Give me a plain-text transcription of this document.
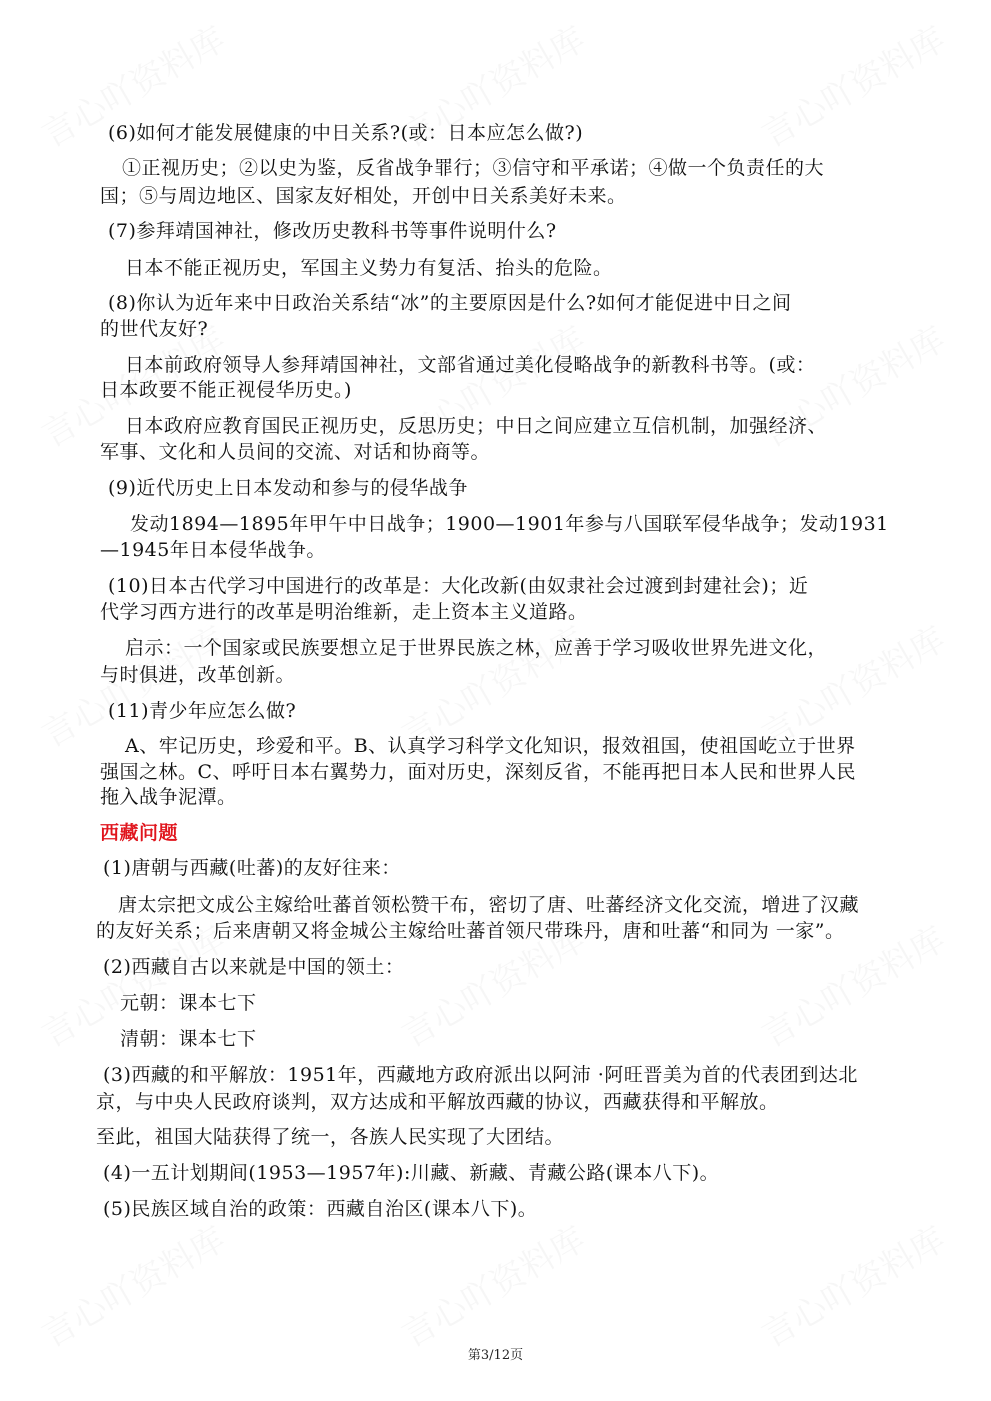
(6)如何才能发展健康的中日关系?(或：日本应怎么做?)
①正视历史；②以史为鉴，反省战争罪行；③信守和平承诺；④做一个负责任的大
国；⑤与周边地区、国家友好相处，开创中日关系美好未来。
(7)参拜靖国神社，修改历史教科书等事件说明什么?
日本不能正视历史，军国主义势力有复活、抬头的危险。
(8)你认为近年来中日政治关系结“冰”的主要原因是什么?如何才能促进中日之间
的世代友好?
日本前政府领导人参拜靖国神社，文部省通过美化侵略战争的新教科书等。(或：
日本政要不能正视侵华历史。)
日本政府应教育国民正视历史，反思历史；中日之间应建立互信机制，加强经济、
军事、文化和人员间的交流、对话和协商等。
(9)近代历史上日本发动和参与的侵华战争
发动1894—1895年甲午中日战争；1900—1901年参与八国联军侵华战争；发动1931
—1945年日本侵华战争。
(10)日本古代学习中国进行的改革是：大化改新(由奴隶社会过渡到封建社会)；近
代学习西方进行的改革是明治维新，走上资本主义道路。
启示：一个国家或民族要想立足于世界民族之林，应善于学习吸收世界先进文化，
与时俱进，改革创新。
(11)青少年应怎么做?
A、牢记历史，珍爱和平。B、认真学习科学文化知识，报效祖国，使祖国屹立于世界
强国之林。C、呼吁日本右翼势力，面对历史，深刻反省，不能再把日本人民和世界人民
拖入战争泥潭。
西藏问题
(1)唐朝与西藏(吐蕃)的友好往来：
唐太宗把文成公主嫁给吐蕃首领松赞干布，密切了唐、吐蕃经济文化交流，增进了汉藏
的友好关系；后来唐朝又将金城公主嫁给吐蕃首领尺带珠丹，唐和吐蕃“和同为 一家”。
(2)西藏自古以来就是中国的领土：
元朝：课本七下
清朝：课本七下
(3)西藏的和平解放：1951年，西藏地方政府派出以阿沛 ·阿旺晋美为首的代表团到达北
京，与中央人民政府谈判，双方达成和平解放西藏的协议，西藏获得和平解放。
至此，祖国大陆获得了统一，各族人民实现了大团结。
(4)一五计划期间(1953—1957年):川藏、新藏、青藏公路(课本八下)。
(5)民族区域自治的政策：西藏自治区(课本八下)。
第3/12页
